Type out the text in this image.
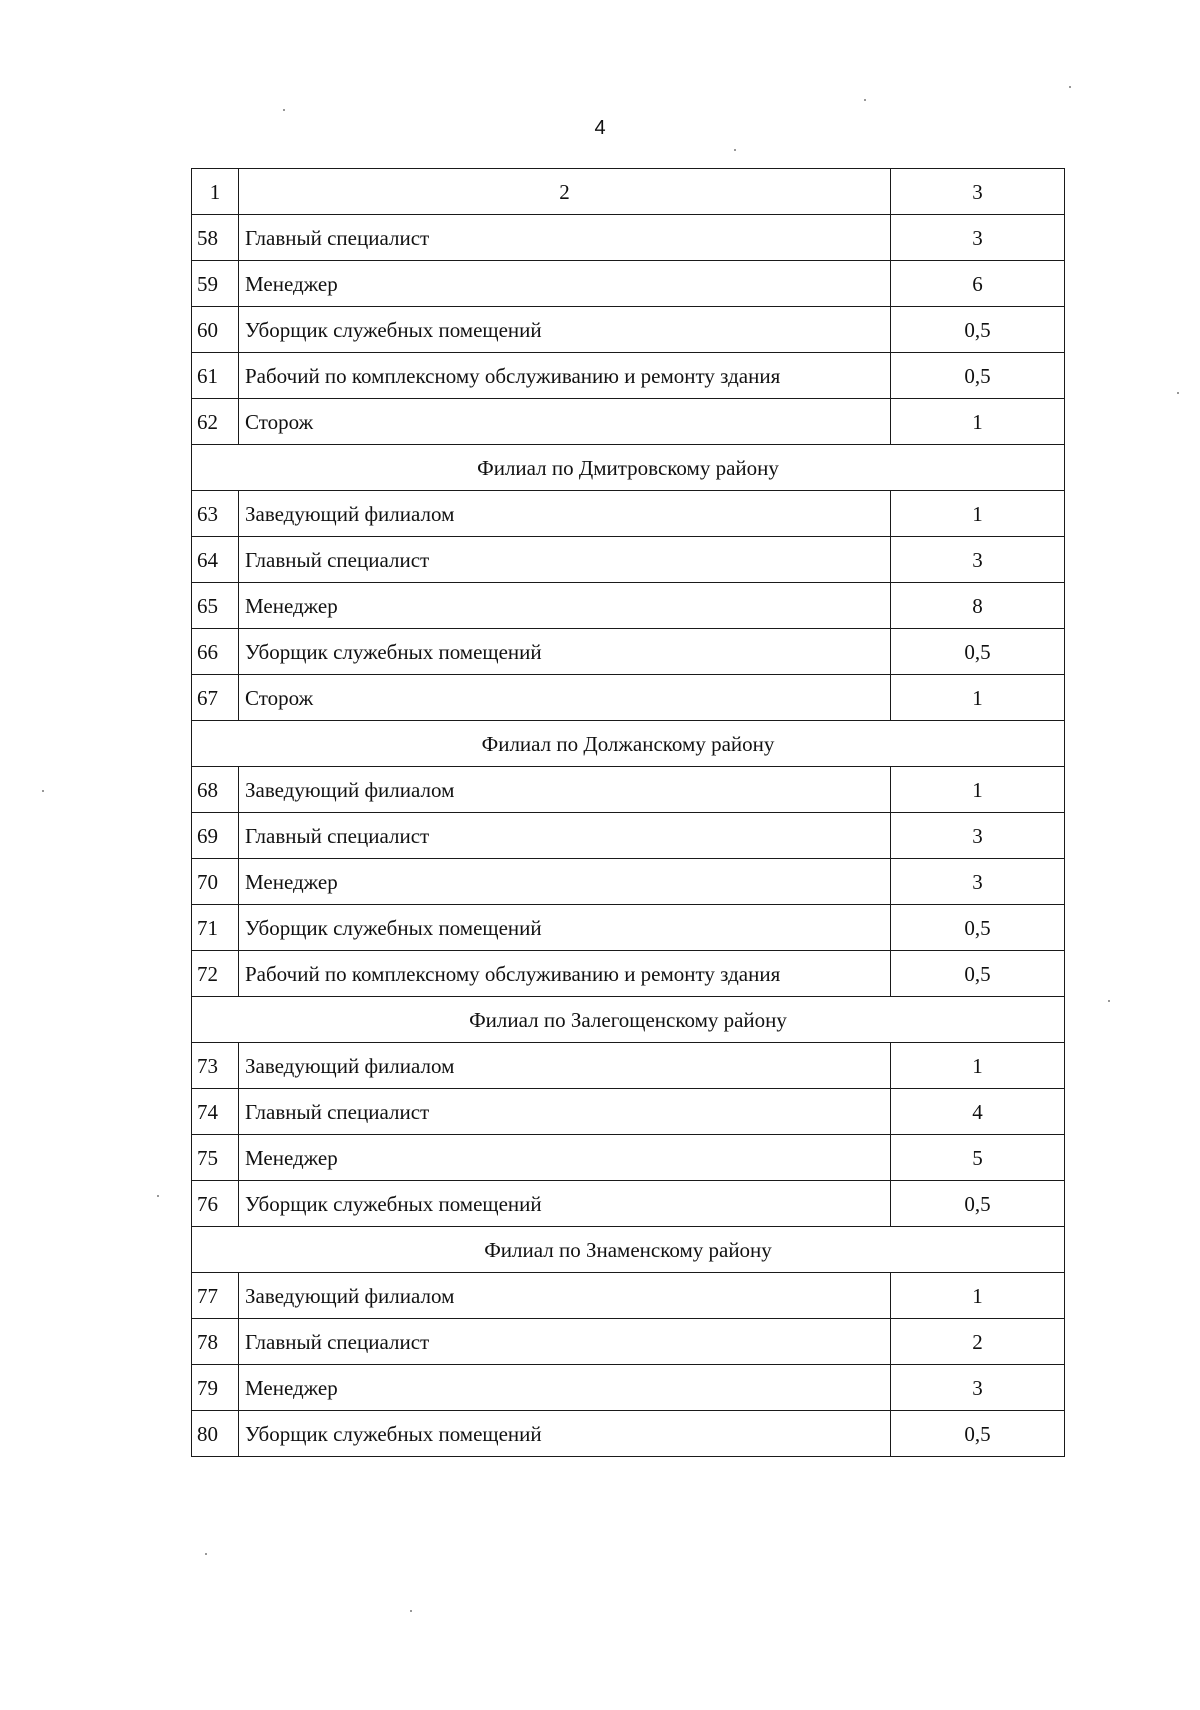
4
1	2	3
58	Главный специалист	3
59	Менеджер	6
60	Уборщик служебных помещений	0,5
61	Рабочий по комплексному обслуживанию и ремонту здания	0,5
62	Сторож	1
Филиал по Дмитровскому району		
63	Заведующий филиалом	1
64	Главный специалист	3
65	Менеджер	8
66	Уборщик служебных помещений	0,5
67	Сторож	1
Филиал по Должанскому району		
68	Заведующий филиалом	1
69	Главный специалист	3
70	Менеджер	3
71	Уборщик служебных помещений	0,5
72	Рабочий по комплексному обслуживанию и ремонту здания	0,5
Филиал по Залегощенскому району		
73	Заведующий филиалом	1
74	Главный специалист	4
75	Менеджер	5
76	Уборщик служебных помещений	0,5
Филиал по Знаменскому району		
77	Заведующий филиалом	1
78	Главный специалист	2
79	Менеджер	3
80	Уборщик служебных помещений	0,5
